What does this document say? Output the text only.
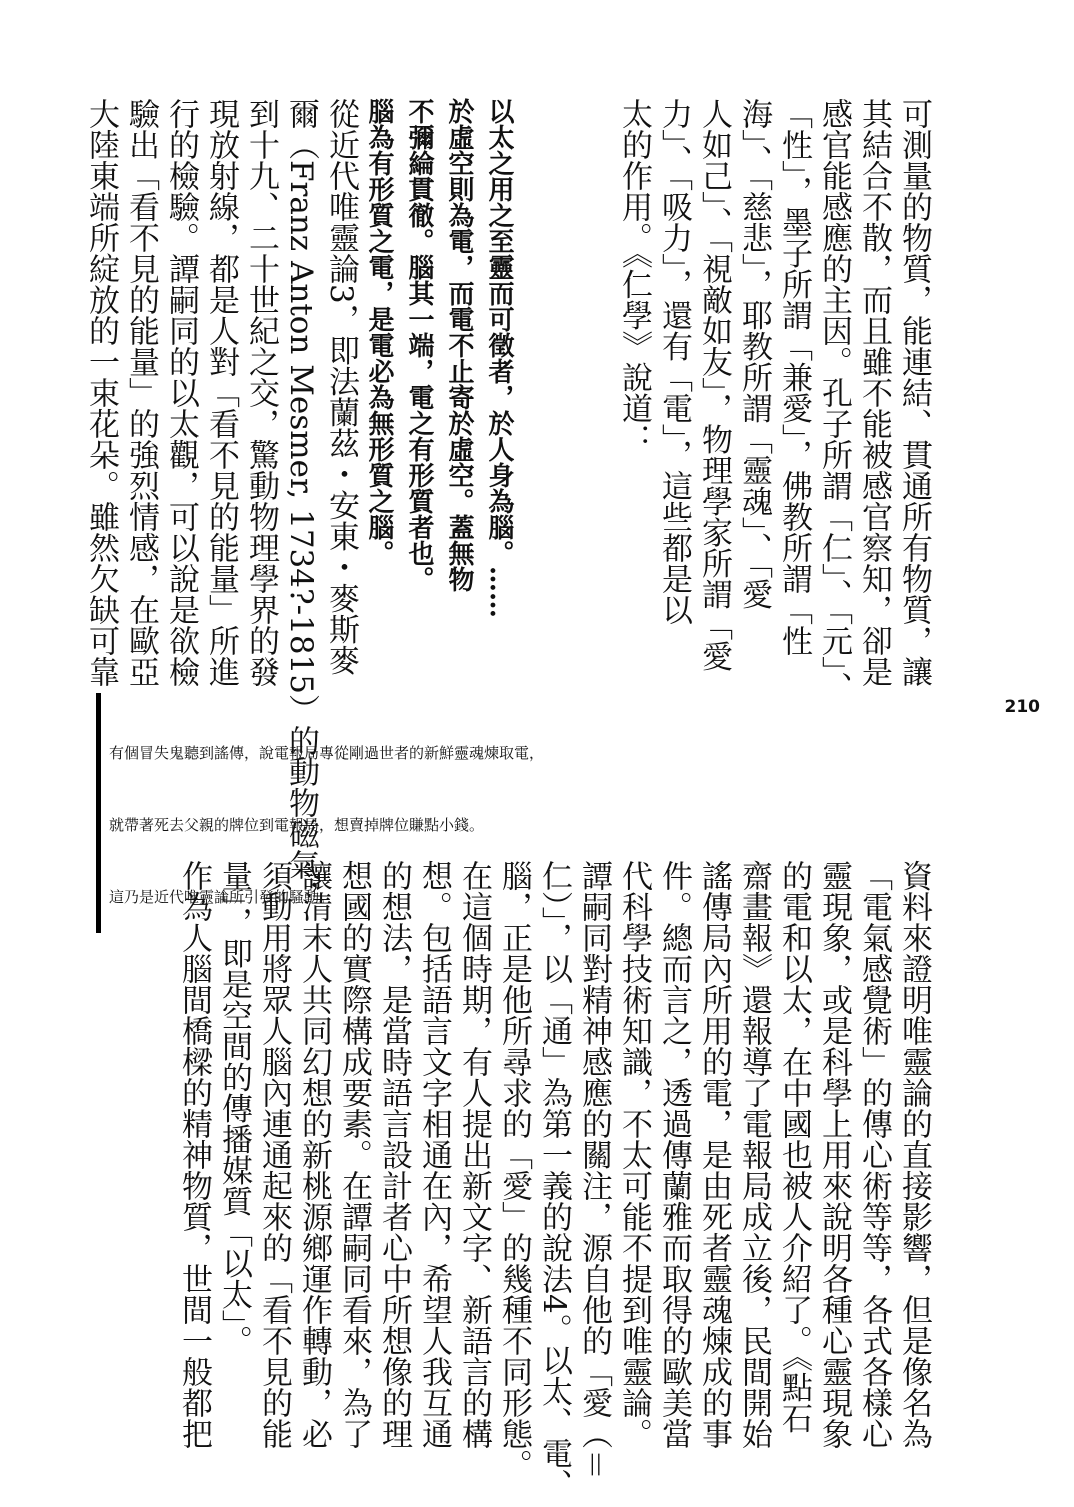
可測量的物質，能連結、貫通所有物質，讓
其結合不散，而且雖不能被感官察知，卻是
感官能感應的主因。孔子所謂「仁」、「元」、
「性」，墨子所謂「兼愛」，佛教所謂「性
海」、「慈悲」，耶教所謂「靈魂」、「愛
人如己」、「視敵如友」，物理學家所謂「愛
力」、「吸力」，還有「電」，這些都是以
太的作用。《仁學》說道：
以太之用之至靈而可徵者，於人身為腦。……
於虛空則為電，而電不止寄於虛空。蓋無物
不彌綸貫徹。腦其一端，電之有形質者也。
腦為有形質之電，是電必為無形質之腦。
從近代唯靈論3，即法蘭茲・安東・麥斯麥
爾（Franz Anton Mesmer, 1734?-1815）的動物磁氣，
到十九、二十世紀之交，驚動物理學界的發
現放射線，都是人對「看不見的能量」所進
行的檢驗。譚嗣同的以太觀，可以說是欲檢
驗出「看不見的能量」的強烈情感，在歐亞
大陸東端所綻放的一束花朵。雖然欠缺可靠

有個冒失鬼聽到謠傳，說電報局專從剛過世者的新鮮靈魂煉取電，

就帶著死去父親的牌位到電報局，想賣掉牌位賺點小錢。

這乃是近代唯靈論所引發的騷動。

210
資料來證明唯靈論的直接影響，但是像名為
「電氣感覺術」的傳心術等等，各式各樣心
靈現象，或是科學上用來說明各種心靈現象
的電和以太，在中國也被人介紹了。《點石
齋畫報》還報導了電報局成立後，民間開始
謠傳局內所用的電，是由死者靈魂煉成的事
件。總而言之，透過傳蘭雅而取得的歐美當
代科學技術知識，不太可能不提到唯靈論。
譚嗣同對精神感應的關注，源自他的「愛（＝
仁）」，以「通」為第一義的說法4。以太、電、
腦，正是他所尋求的「愛」的幾種不同形態。
在這個時期，有人提出新文字、新語言的構
想。包括語言文字相通在內，希望人我互通
的想法，是當時語言設計者心中所想像的理
想國的實際構成要素。在譚嗣同看來，為了
讓清末人共同幻想的新桃源鄉運作轉動，必
須動用將眾人腦內連通起來的「看不見的能
量」，即是空間的傳播媒質「以太」。
作為人腦間橋樑的精神物質，世間一般都把
